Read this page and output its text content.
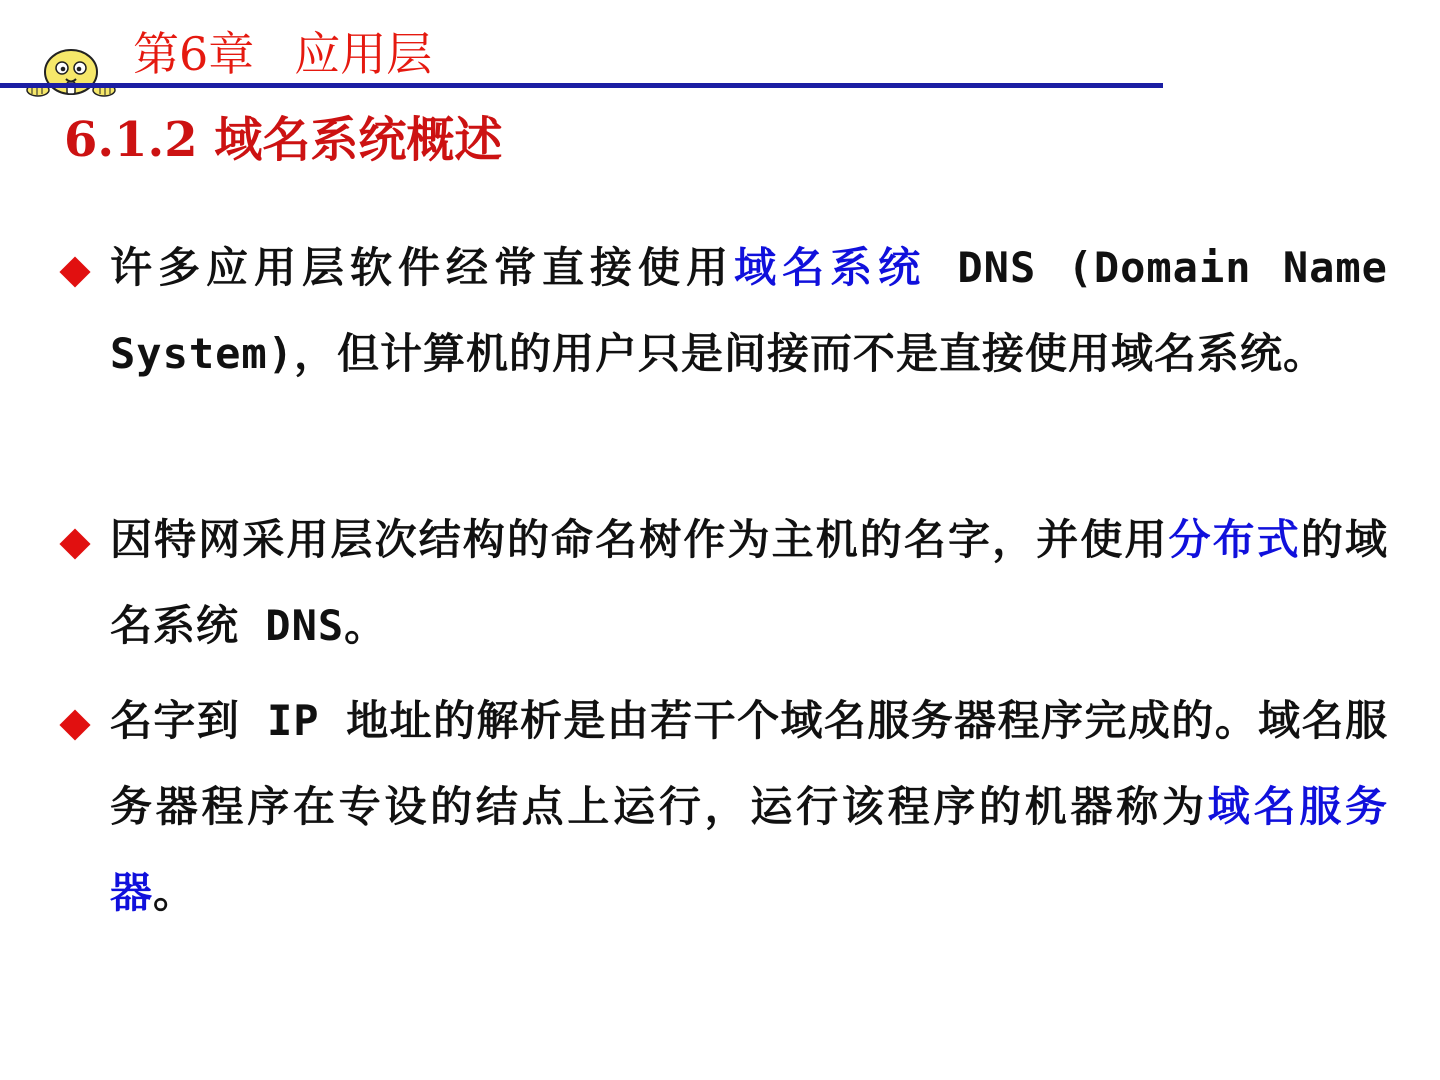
第6章 应用层
6.1.2 域名系统概述
许多应用层软件经常直接使用域名系统 DNS (Domain Name System)，但计算机的用户只是间接而不是直接使用域名系统。
因特网采用层次结构的命名树作为主机的名字，并使用分布式的域名系统 DNS。
名字到 IP 地址的解析是由若干个域名服务器程序完成的。域名服务器程序在专设的结点上运行，运行该程序的机器称为域名服务器。
